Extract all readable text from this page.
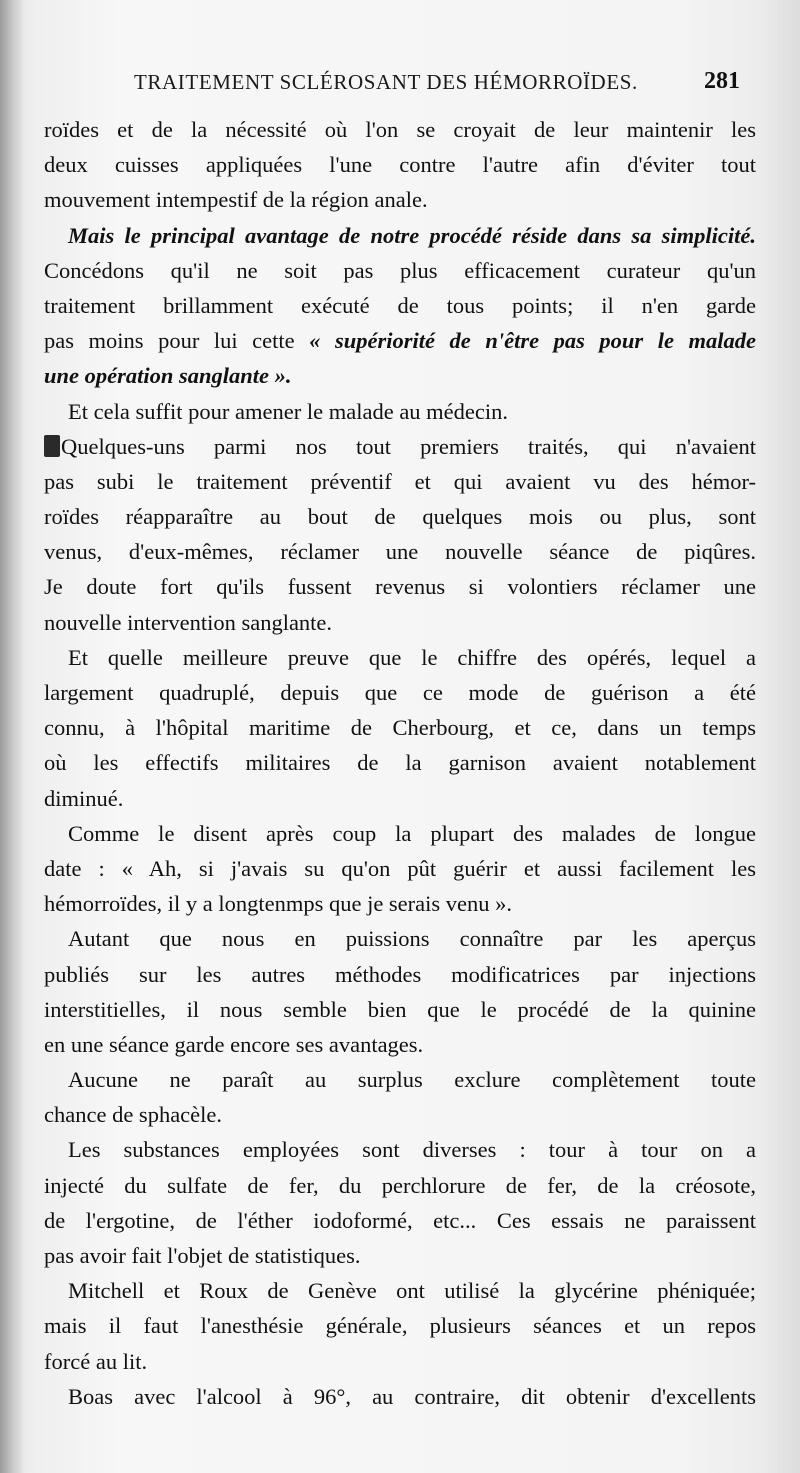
TRAITEMENT SCLÉROSANT DES HÉMORROÏDES.	281
roïdes et de la nécessité où l'on se croyait de leur maintenir les
deux cuisses appliquées l'une contre l'autre afin d'éviter tout
mouvement intempestif de la région anale.
Mais le principal avantage de notre procédé réside dans sa simplicité.
Concédons qu'il ne soit pas plus efficacement curateur qu'un
traitement brillamment exécuté de tous points; il n'en garde
pas moins pour lui cette « supériorité de n'être pas pour le malade
une opération sanglante ».
Et cela suffit pour amener le malade au médecin.
Quelques-uns parmi nos tout premiers traités, qui n'avaient
pas subi le traitement préventif et qui avaient vu des hémor-
roïdes réapparaître au bout de quelques mois ou plus, sont
venus, d'eux-mêmes, réclamer une nouvelle séance de piqûres.
Je doute fort qu'ils fussent revenus si volontiers réclamer une
nouvelle intervention sanglante.
Et quelle meilleure preuve que le chiffre des opérés, lequel a
largement quadruplé, depuis que ce mode de guérison a été
connu, à l'hôpital maritime de Cherbourg, et ce, dans un temps
où les effectifs militaires de la garnison avaient notablement
diminué.
Comme le disent après coup la plupart des malades de longue
date : « Ah, si j'avais su qu'on pût guérir et aussi facilement les
hémorroïdes, il y a longtenmps que je serais venu ».
Autant que nous en puissions connaître par les aperçus
publiés sur les autres méthodes modificatrices par injections
interstitielles, il nous semble bien que le procédé de la quinine
en une séance garde encore ses avantages.
Aucune ne paraît au surplus exclure complètement toute
chance de sphacèle.
Les substances employées sont diverses : tour à tour on a
injecté du sulfate de fer, du perchlorure de fer, de la créosote,
de l'ergotine, de l'éther iodoformé, etc... Ces essais ne paraissent
pas avoir fait l'objet de statistiques.
Mitchell et Roux de Genève ont utilisé la glycérine phéniquée;
mais il faut l'anesthésie générale, plusieurs séances et un repos
forcé au lit.
Boas avec l'alcool à 96°, au contraire, dit obtenir d'excellents
